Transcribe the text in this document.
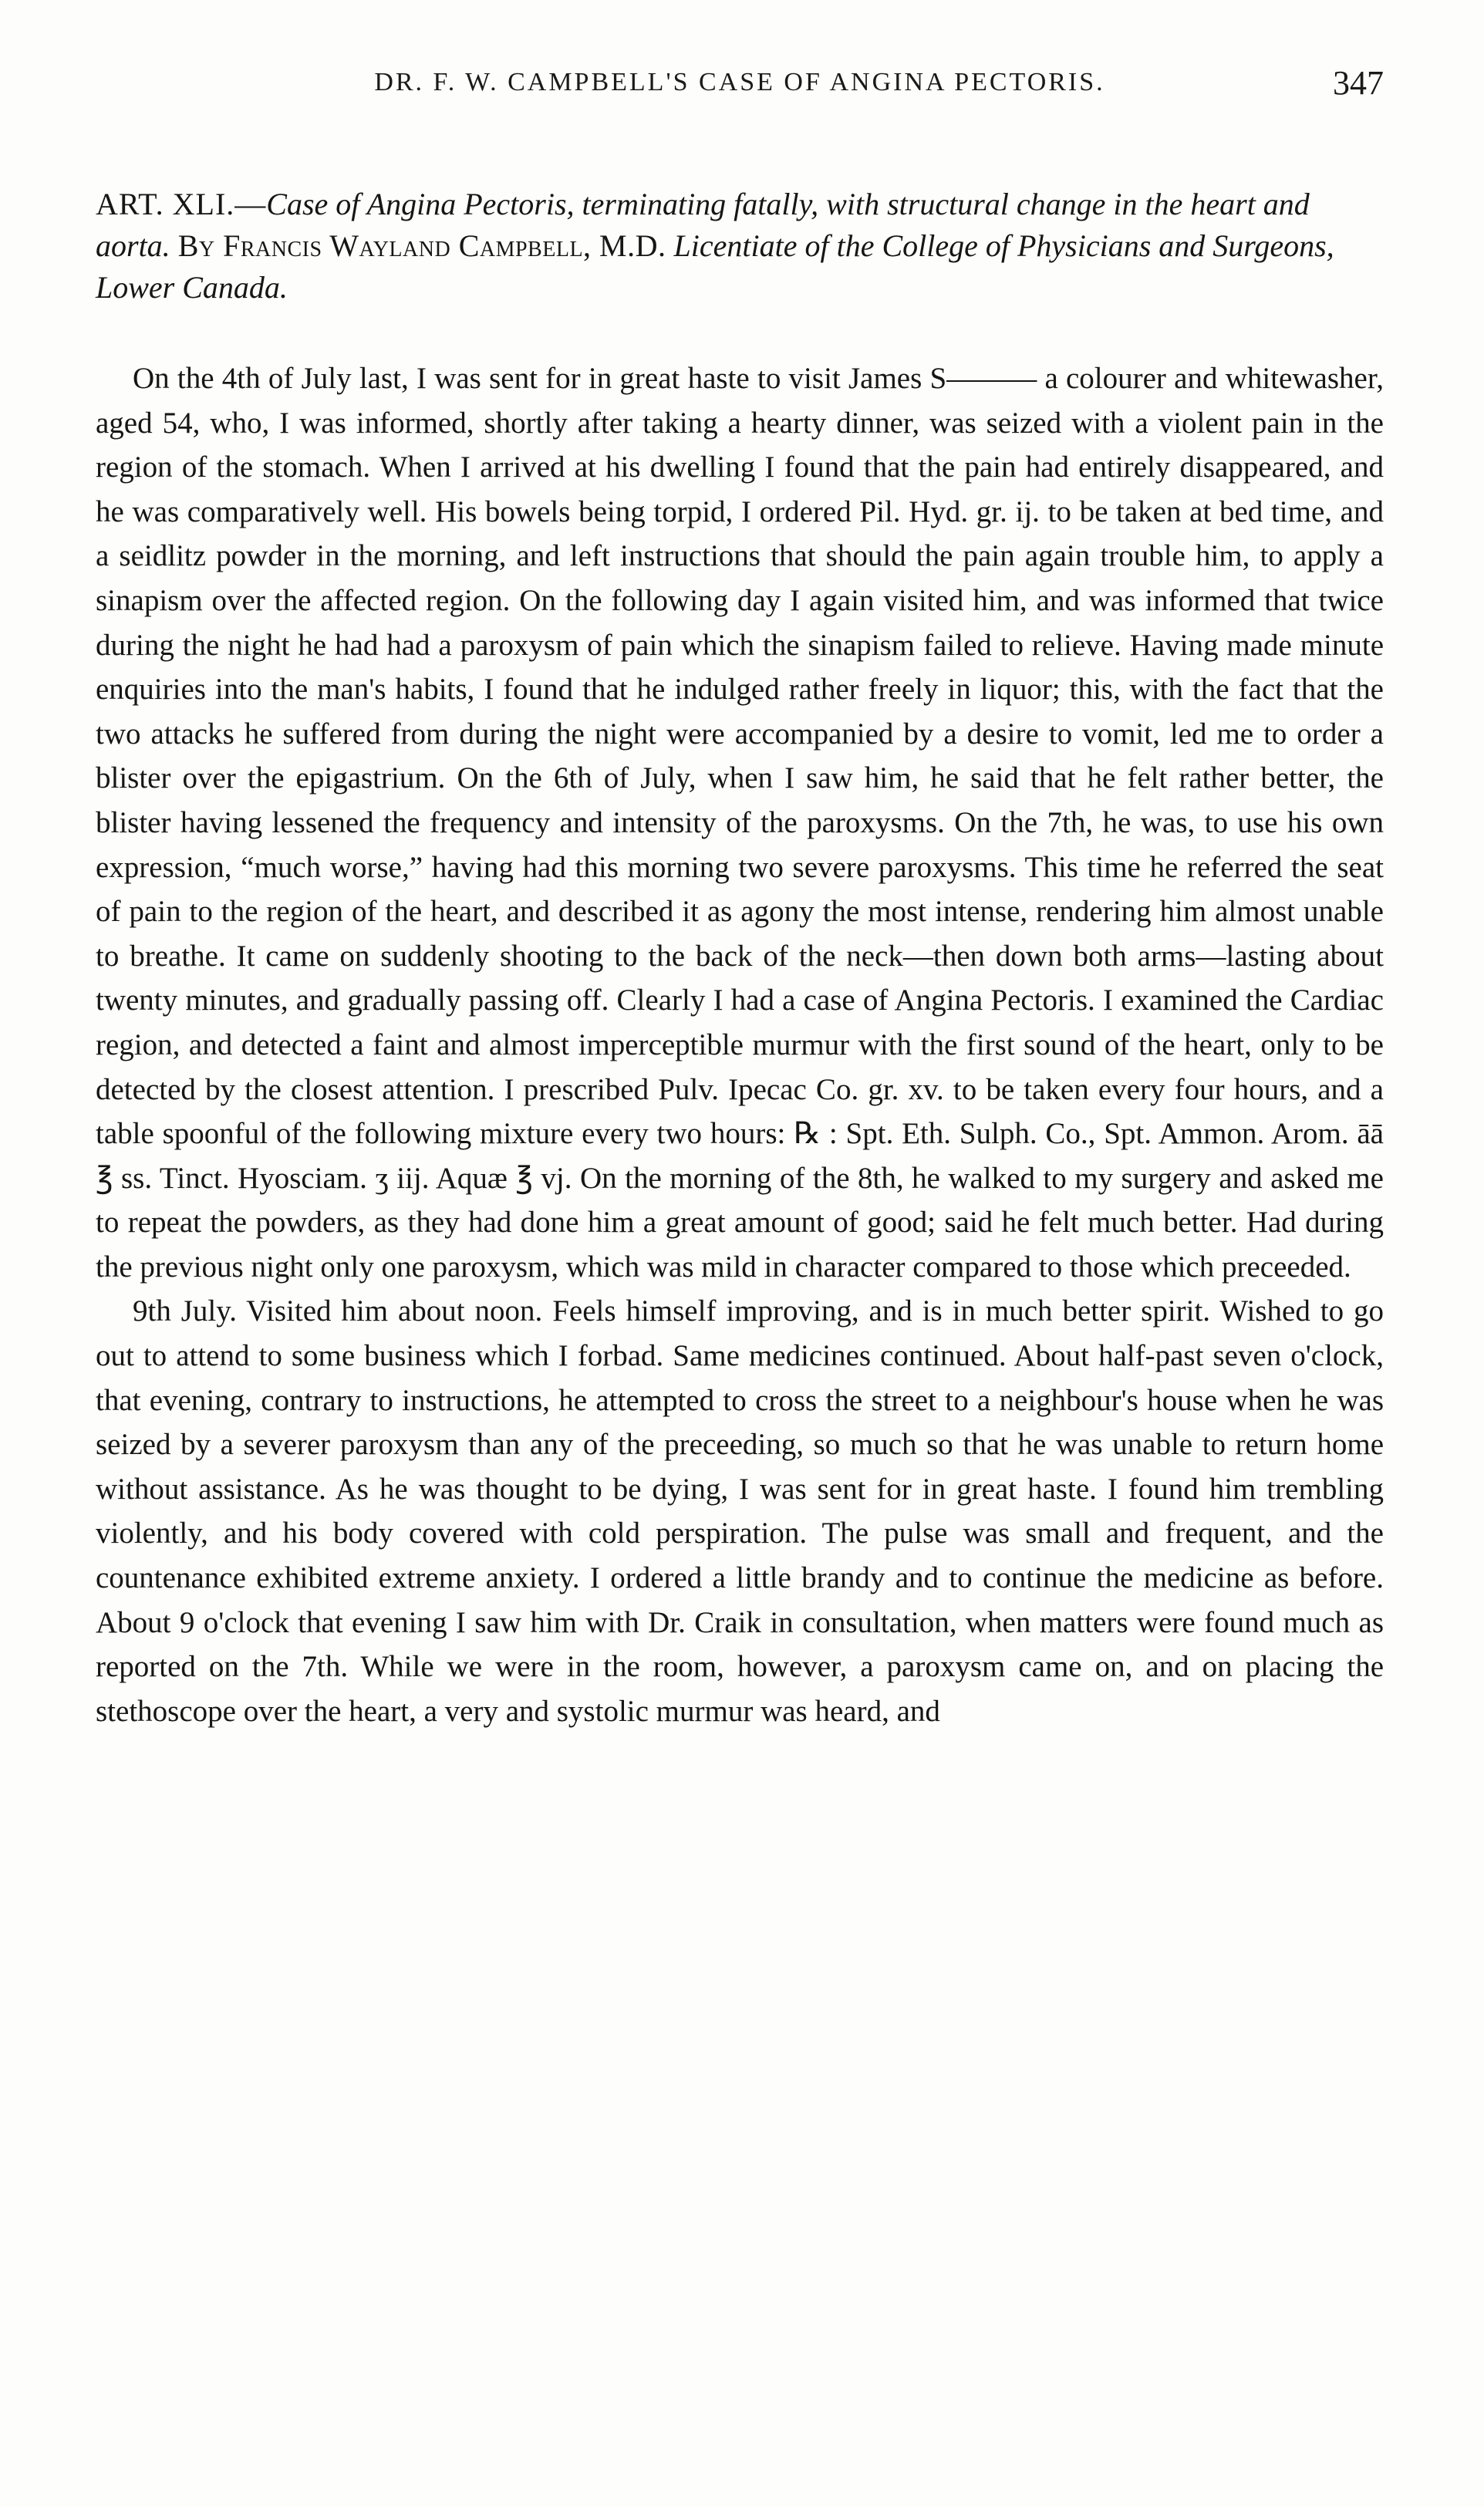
DR. F. W. CAMPBELL'S CASE OF ANGINA PECTORIS.	347
ART. XLI.—Case of Angina Pectoris, terminating fatally, with structural change in the heart and aorta. By Francis Wayland Campbell, M.D. Licentiate of the College of Physicians and Surgeons, Lower Canada.

On the 4th of July last, I was sent for in great haste to visit James S——— a colourer and whitewasher, aged 54, who, I was informed, shortly after taking a hearty dinner, was seized with a violent pain in the region of the stomach. When I arrived at his dwelling I found that the pain had entirely disappeared, and he was comparatively well. His bowels being torpid, I ordered Pil. Hyd. gr. ij. to be taken at bed time, and a seidlitz powder in the morning, and left instructions that should the pain again trouble him, to apply a sinapism over the affected region. On the following day I again visited him, and was informed that twice during the night he had had a paroxysm of pain which the sinapism failed to relieve. Having made minute enquiries into the man's habits, I found that he indulged rather freely in liquor; this, with the fact that the two attacks he suffered from during the night were accompanied by a desire to vomit, led me to order a blister over the epigastrium. On the 6th of July, when I saw him, he said that he felt rather better, the blister having lessened the frequency and intensity of the paroxysms. On the 7th, he was, to use his own expression, “much worse,” having had this morning two severe paroxysms. This time he referred the seat of pain to the region of the heart, and described it as agony the most intense, rendering him almost unable to breathe. It came on suddenly shooting to the back of the neck—then down both arms—lasting about twenty minutes, and gradually passing off. Clearly I had a case of Angina Pectoris. I examined the Cardiac region, and detected a faint and almost imperceptible murmur with the first sound of the heart, only to be detected by the closest attention. I prescribed Pulv. Ipecac Co. gr. xv. to be taken every four hours, and a table spoonful of the following mixture every two hours: ℞ : Spt. Eth. Sulph. Co., Spt. Ammon. Arom. āā ℥ ss. Tinct. Hyosciam. ʒ iij. Aquæ ℥ vj. On the morning of the 8th, he walked to my surgery and asked me to repeat the powders, as they had done him a great amount of good; said he felt much better. Had during the previous night only one paroxysm, which was mild in character compared to those which preceeded.

9th July. Visited him about noon. Feels himself improving, and is in much better spirit. Wished to go out to attend to some business which I forbad. Same medicines continued. About half-past seven o'clock, that evening, contrary to instructions, he attempted to cross the street to a neighbour's house when he was seized by a severer paroxysm than any of the preceeding, so much so that he was unable to return home without assistance. As he was thought to be dying, I was sent for in great haste. I found him trembling violently, and his body covered with cold perspiration. The pulse was small and frequent, and the countenance exhibited extreme anxiety. I ordered a little brandy and to continue the medicine as before. About 9 o'clock that evening I saw him with Dr. Craik in consultation, when matters were found much as reported on the 7th. While we were in the room, however, a paroxysm came on, and on placing the stethoscope over the heart, a very and systolic murmur was heard, and
